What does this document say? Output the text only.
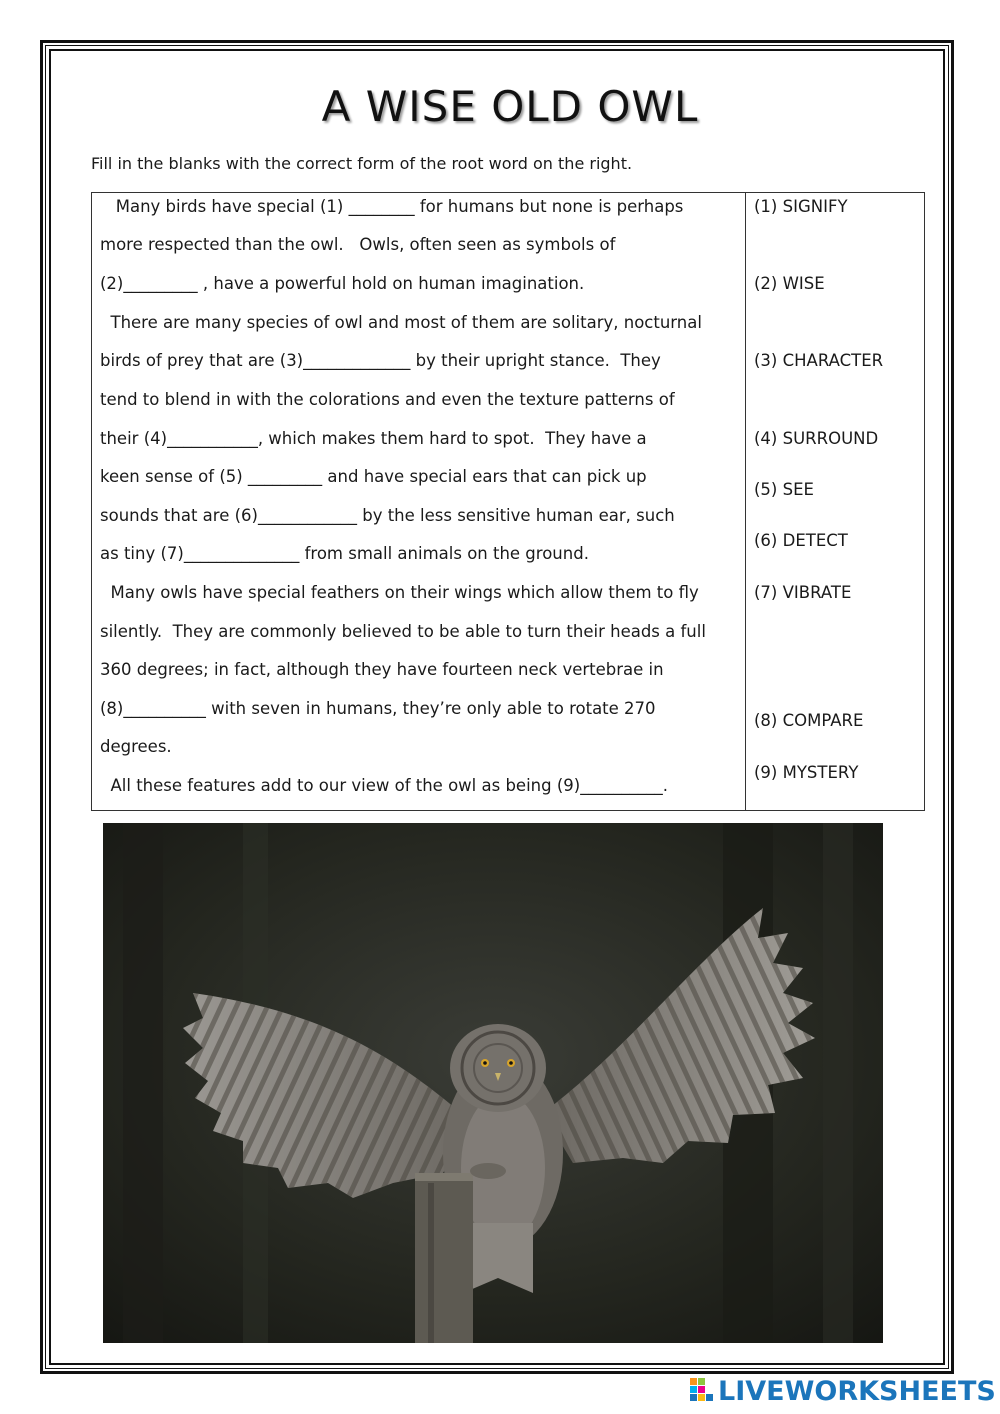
A WISE OLD OWL
Fill in the blanks with the correct form of the root word on the right.
Many birds have special (1) ________ for humans but none is perhaps
more respected than the owl.   Owls, often seen as symbols of
(2)_________ , have a powerful hold on human imagination.
There are many species of owl and most of them are solitary, nocturnal
birds of prey that are (3)_____________ by their upright stance.  They
tend to blend in with the colorations and even the texture patterns of
their (4)___________, which makes them hard to spot.  They have a
keen sense of (5) _________ and have special ears that can pick up
sounds that are (6)____________ by the less sensitive human ear, such
as tiny (7)______________ from small animals on the ground.
Many owls have special feathers on their wings which allow them to fly
silently.  They are commonly believed to be able to turn their heads a full
360 degrees; in fact, although they have fourteen neck vertebrae in
(8)__________ with seven in humans, they’re only able to rotate 270
degrees.
All these features add to our view of the owl as being (9)__________.
(1) SIGNIFY
(2) WISE
(3) CHARACTER
(4) SURROUND
(5) SEE
(6) DETECT
(7) VIBRATE
(8) COMPARE
(9) MYSTERY
LIVEWORKSHEETS
